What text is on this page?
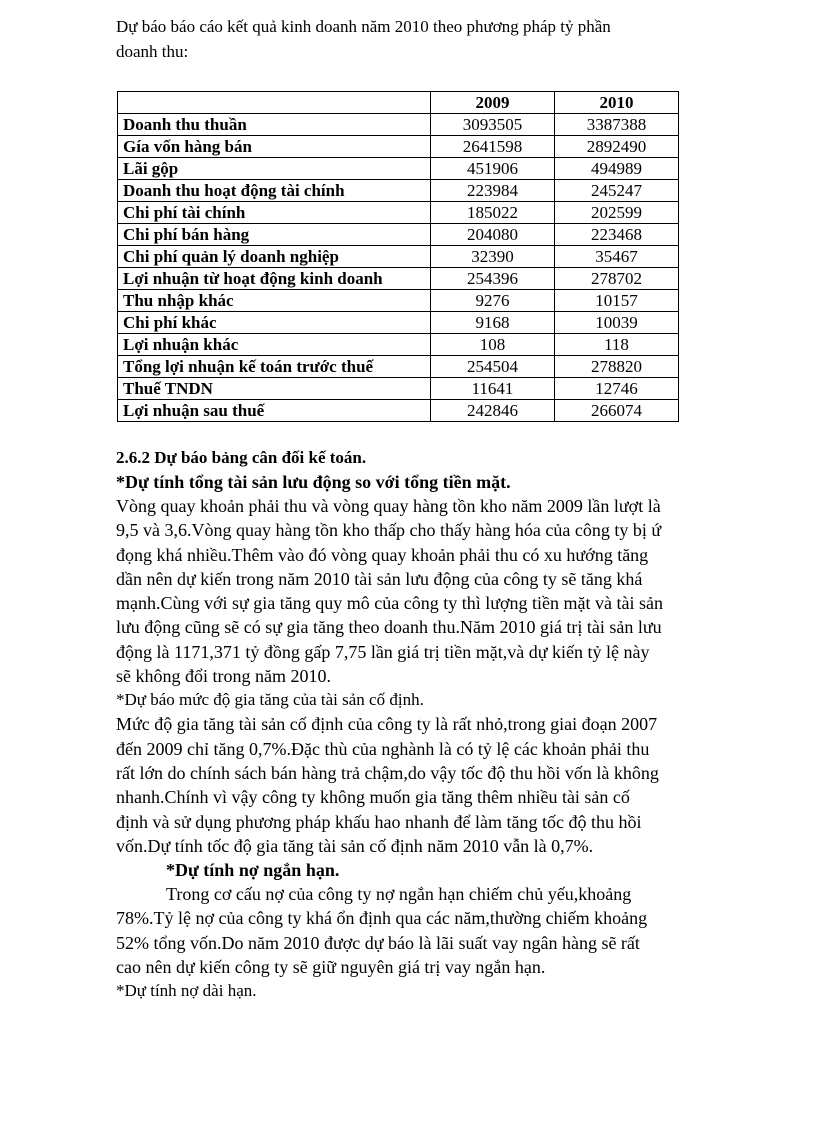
Dự báo báo cáo kết quả kinh doanh năm 2010 theo phương pháp tỷ phần

doanh thu:

	2009	2010
Doanh thu thuần	3093505	3387388
Gía vốn hàng bán	2641598	2892490
Lãi gộp	451906	494989
Doanh thu hoạt động tài chính	223984	245247
Chi phí tài chính	185022	202599
Chi phí bán hàng	204080	223468
Chi phí quản lý doanh nghiệp	32390	35467
Lợi nhuận từ hoạt động kinh doanh	254396	278702
Thu nhập khác	9276	10157
Chi phí khác	9168	10039
Lợi nhuận khác	108	118
Tổng lợi nhuận kế toán trước thuế	254504	278820
Thuế TNDN	11641	12746
Lợi nhuận sau thuế	242846	266074

2.6.2 Dự báo bảng cân đối kế toán.

*Dự tính tổng tài sản lưu động so với tổng tiền mặt.

Vòng quay khoản phải thu và vòng quay hàng tồn kho năm 2009 lần lượt là

9,5 và 3,6.Vòng quay hàng tồn kho thấp cho thấy hàng hóa của công ty bị ứ

đọng khá nhiều.Thêm vào đó vòng quay khoản phải thu có xu hướng tăng

dần nên dự kiến trong năm 2010 tài sản lưu động của công ty sẽ tăng khá

mạnh.Cùng với sự gia tăng quy mô của công ty thì lượng tiền mặt và tài sản

lưu động cũng sẽ có sự gia tăng theo doanh thu.Năm 2010 giá trị tài sản lưu

động là 1171,371 tỷ đồng gấp 7,75 lần giá trị tiền mặt,và dự kiến tỷ lệ này

sẽ không đổi trong năm 2010.

*Dự báo mức độ gia tăng của tài sản cố định.

Mức độ gia tăng tài sản cố định của công ty là rất nhỏ,trong giai đoạn 2007

đến 2009 chỉ tăng 0,7%.Đặc thù của nghành là có tỷ lệ các khoản phải thu

rất lớn do chính sách bán hàng trả chậm,do vậy tốc độ thu hồi vốn là không

nhanh.Chính vì vậy công ty không muốn gia tăng thêm nhiều tài sản cố

định và sử dụng phương pháp khấu hao nhanh để làm tăng tốc độ thu hồi

vốn.Dự tính tốc độ gia tăng tài sản cố định năm 2010 vẫn là 0,7%.

*Dự tính nợ ngắn hạn.

Trong cơ cấu nợ của công ty nợ ngắn hạn chiếm chủ yếu,khoảng

78%.Tỷ lệ nợ của công ty khá ổn định qua các năm,thường chiếm khoảng

52% tổng vốn.Do năm 2010 được dự báo là lãi suất vay ngân hàng sẽ rất

cao nên dự kiến công ty sẽ giữ nguyên giá trị vay ngắn hạn.

*Dự tính nợ dài hạn.
